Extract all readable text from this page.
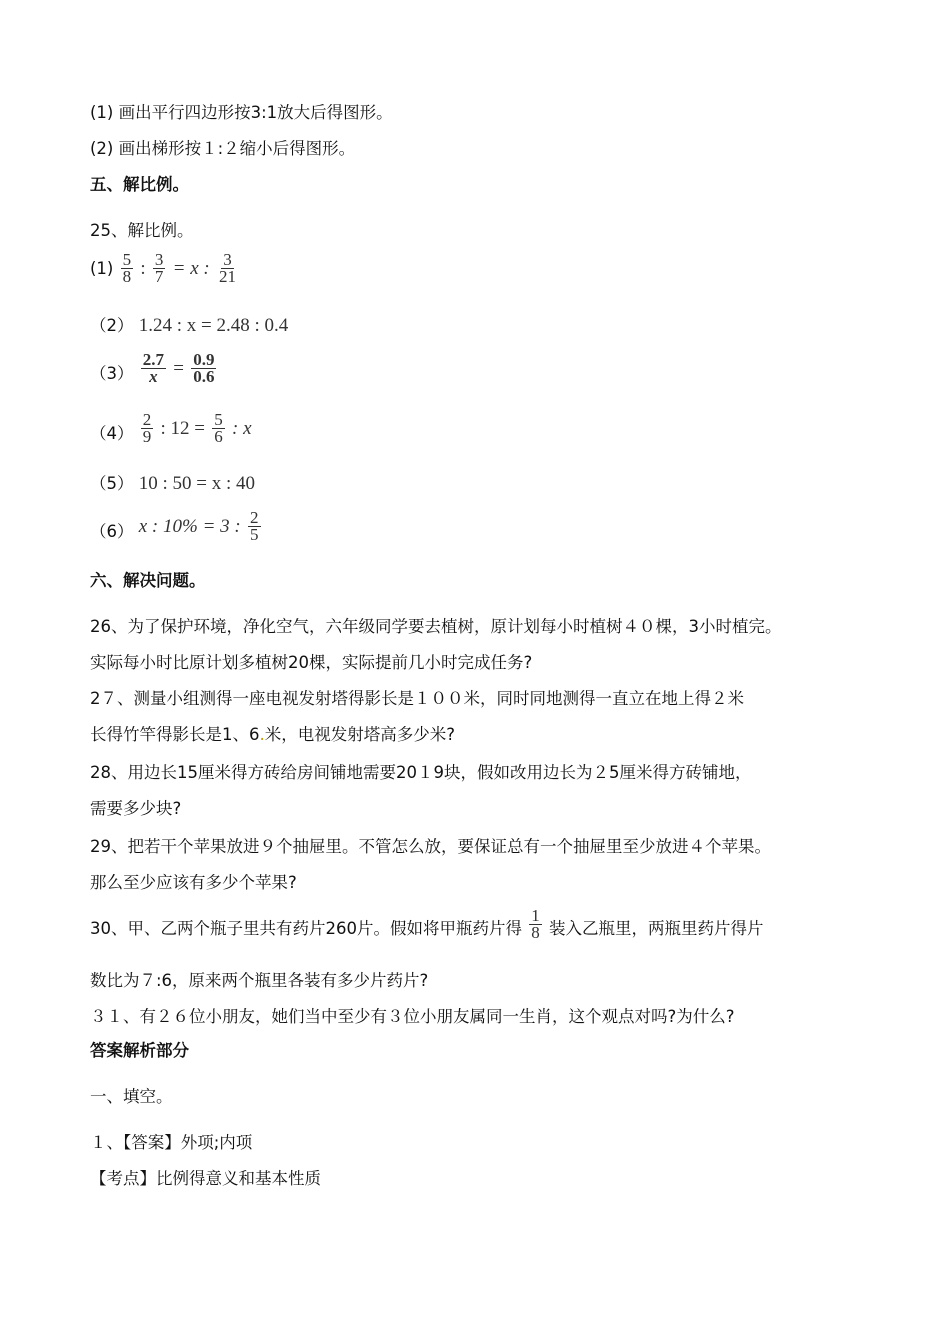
(1) 画出平行四边形按3:1放大后得图形。
(2) 画出梯形按１:２缩小后得图形。
五、解比例。
25、解比例。
$(1) \frac{5}{8}$ : $\frac{3}{7} = x$ : $\frac{3}{21}$
（2） 1.24 : x = 2.48 : 0.4
$(3) \frac{2.7}{x} = \frac{0.9}{0.6}$
$(4) \frac{2}{9}$ : $12 = \frac{5}{6}$ : x
（5） 10 : 50 = x : 40
（6） x : 10% = 3 : $\frac{2}{5}$
六、解决问题。
26、为了保护环境，净化空气，六年级同学要去植树，原计划每小时植树４０棵，3小时植完。
实际每小时比原计划多植树20棵，实际提前几小时完成任务?
2７、测量小组测得一座电视发射塔得影长是１００米，同时同地测得一直立在地上得２米
长得竹竿得影长是1、6.米，电视发射塔高多少米?
28、用边长15厘米得方砖给房间铺地需要20１9块，假如改用边长为２5厘米得方砖铺地，
需要多少块?
29、把若干个苹果放进９个抽屉里。不管怎么放，要保证总有一个抽屉里至少放进４个苹果。
那么至少应该有多少个苹果?
30、甲、乙两个瓶子里共有药片260片。假如将甲瓶药片得 $\frac{1}{8}$ 装入乙瓶里，两瓶里药片得片
数比为７:6，原来两个瓶里各装有多少片药片?
３１、有２６位小朋友，她们当中至少有３位小朋友属同一生肖，这个观点对吗?为什么?
答案解析部分
一、填空。
１、【答案】外项;内项
【考点】比例得意义和基本性质
